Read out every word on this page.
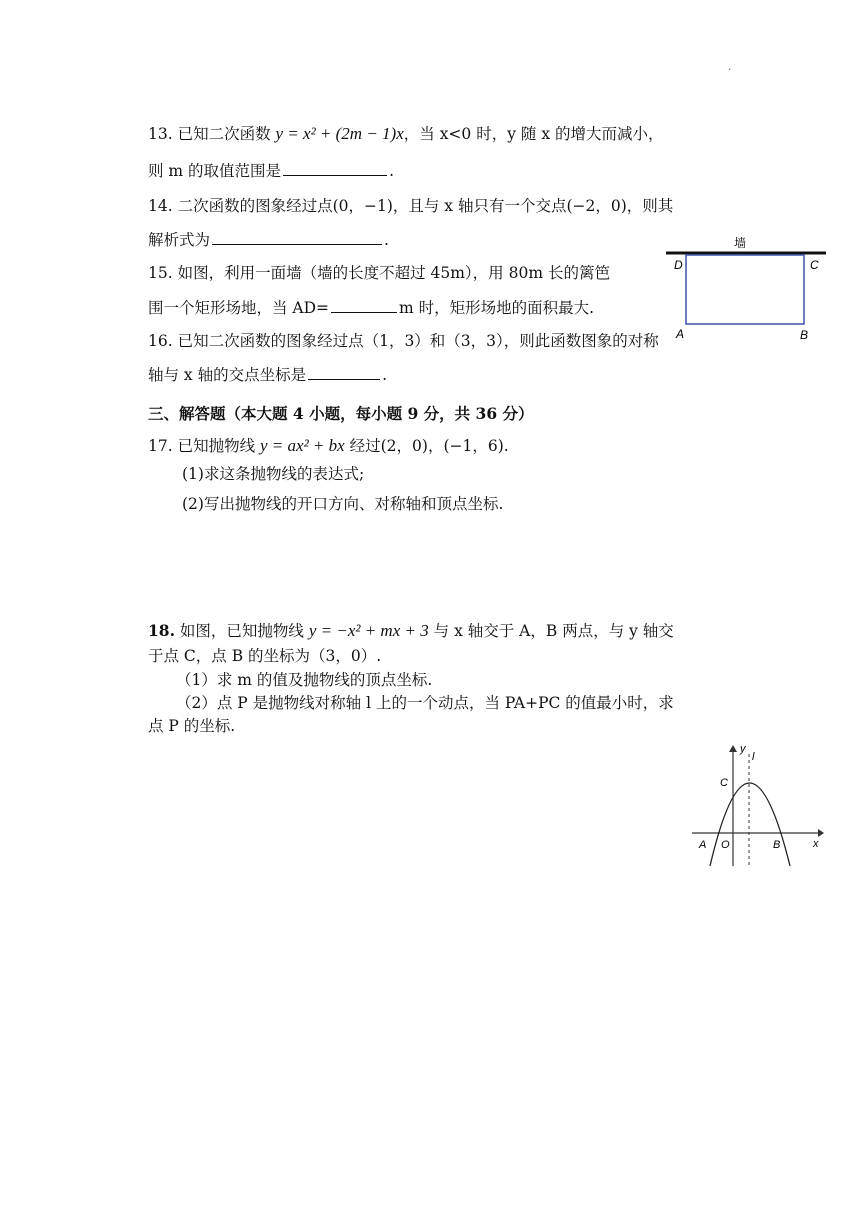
.
13. 已知二次函数 y = x² + (2m − 1)x，当 x<0 时，y 随 x 的增大而减小，
则 m 的取值范围是	.
14. 二次函数的图象经过点(0，−1)，且与 x 轴只有一个交点(−2，0)，则其
解析式为	.
15. 如图，利用一面墙（墙的长度不超过 45m），用 80m 长的篱笆
围一个矩形场地，当 AD=	m 时，矩形场地的面积最大.
16. 已知二次函数的图象经过点（1，3）和（3，3），则此函数图象的对称
轴与 x 轴的交点坐标是	.
墙
D	C
A	B
三、解答题（本大题 4 小题，每小题 9 分，共 36 分）
17. 已知抛物线 y = ax² + bx 经过(2，0)，(−1，6).
(1)求这条抛物线的表达式;
(2)写出抛物线的开口方向、对称轴和顶点坐标.
18. 如图，已知抛物线 y = −x² + mx + 3 与 x 轴交于 A，B 两点，与 y 轴交
于点 C，点 B 的坐标为（3，0）.
（1）求 m 的值及抛物线的顶点坐标.
（2）点 P 是抛物线对称轴 l 上的一个动点，当 PA+PC 的值最小时，求
点 P 的坐标.
y
l
C
A O	B	x
